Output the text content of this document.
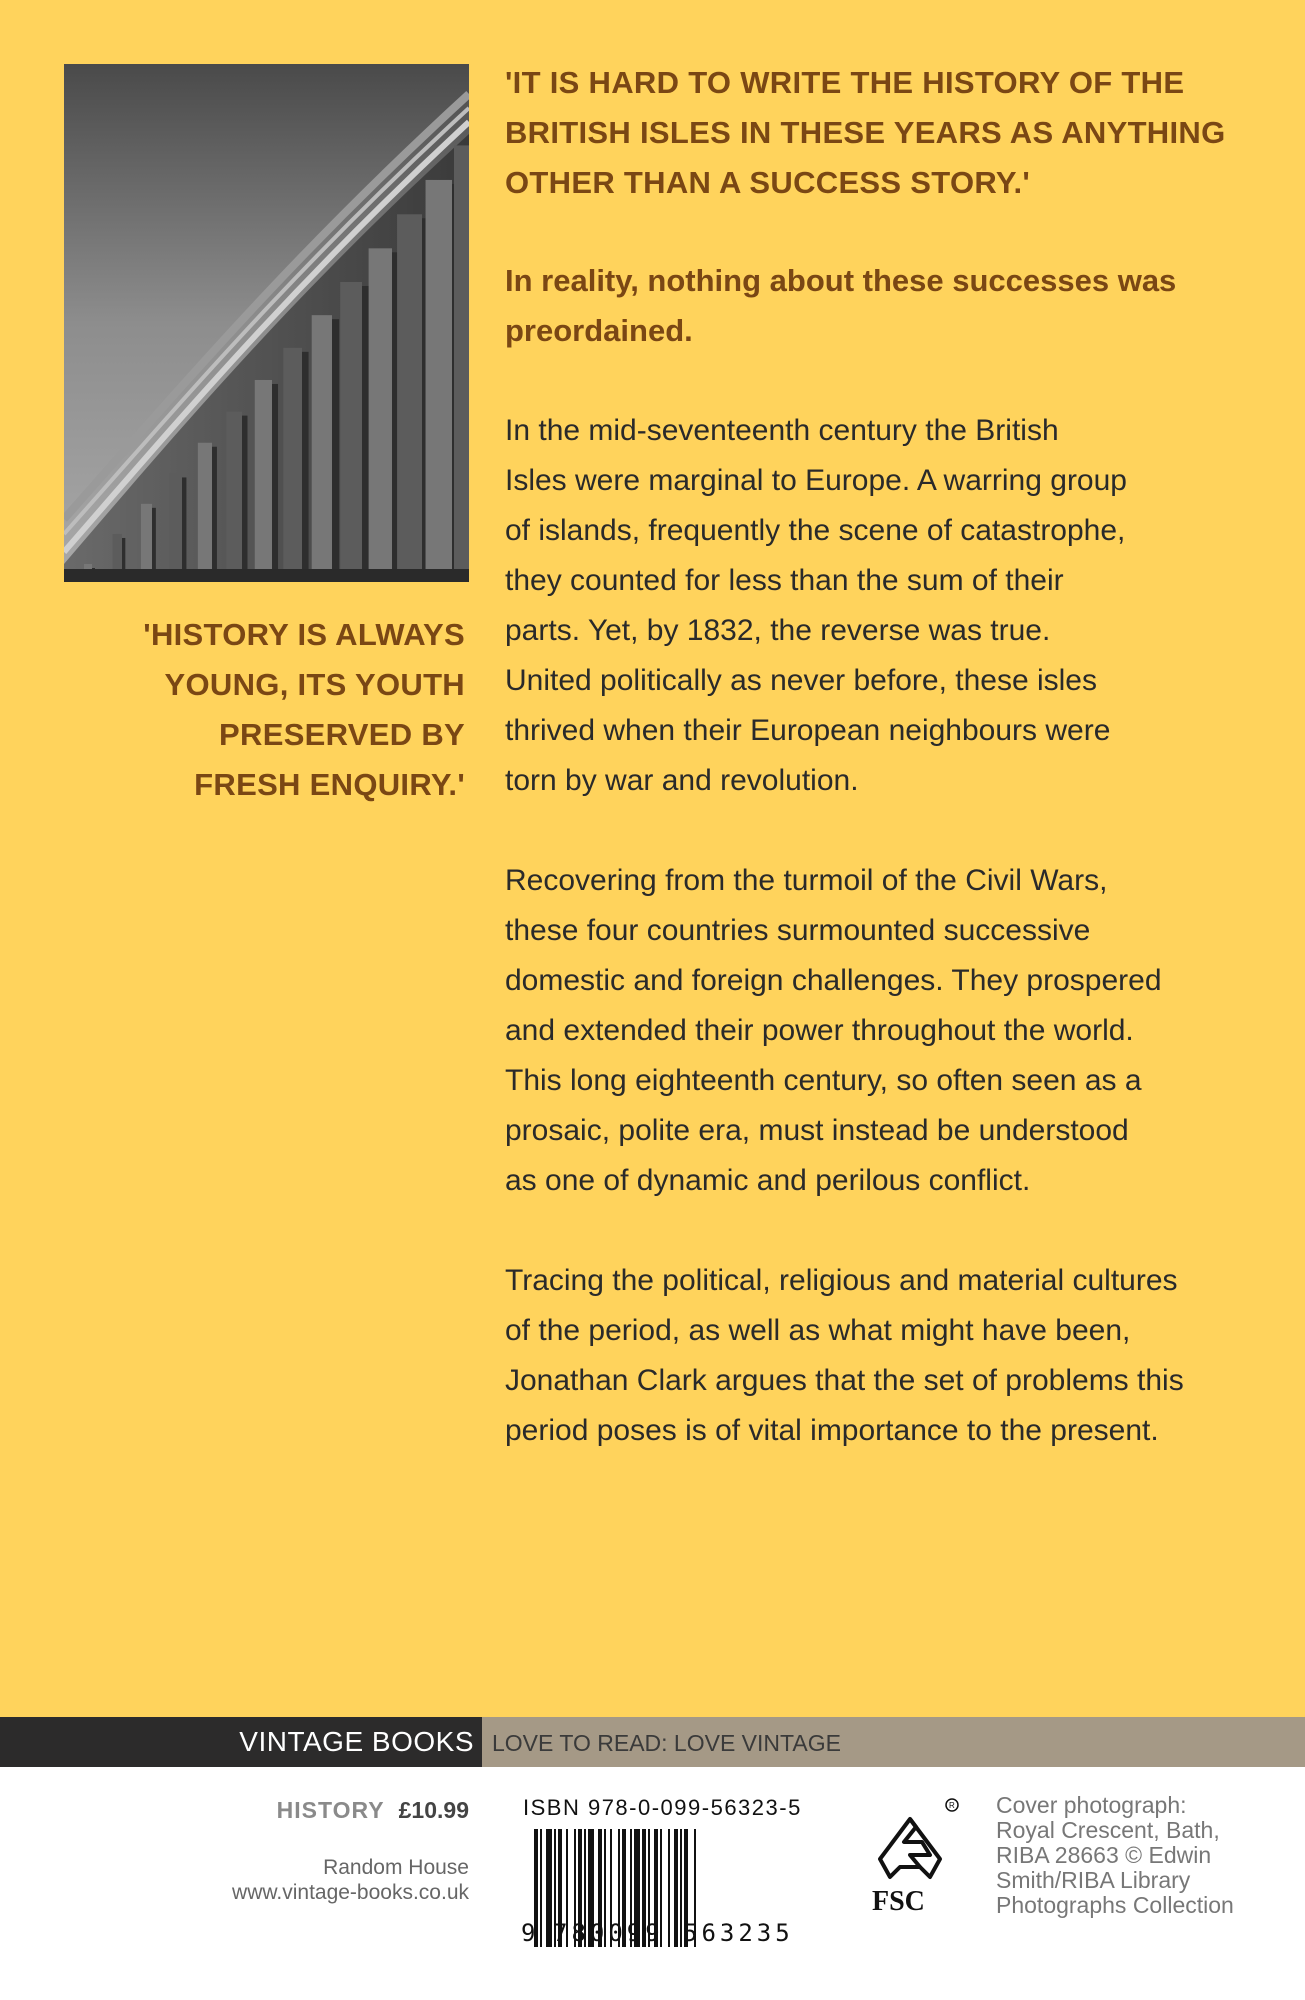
'HISTORY IS ALWAYS
YOUNG, ITS YOUTH
PRESERVED BY
FRESH ENQUIRY.'
'IT IS HARD TO WRITE THE HISTORY OF THE
BRITISH ISLES IN THESE YEARS AS ANYTHING
OTHER THAN A SUCCESS STORY.'
In reality, nothing about these successes was
preordained.

In the mid-seventeenth century the British
Isles were marginal to Europe. A warring group
of islands, frequently the scene of catastrophe,
they counted for less than the sum of their
parts. Yet, by 1832, the reverse was true.
United politically as never before, these isles
thrived when their European neighbours were
torn by war and revolution.

Recovering from the turmoil of the Civil Wars,
these four countries surmounted successive
domestic and foreign challenges. They prospered
and extended their power throughout the world.
This long eighteenth century, so often seen as a
prosaic, polite era, must instead be understood
as one of dynamic and perilous conflict.

Tracing the political, religious and material cultures
of the period, as well as what might have been,
Jonathan Clark argues that the set of problems this
period poses is of vital importance to the present.

VINTAGE BOOKS LOVE TO READ: LOVE VINTAGE
HISTORY £10.99
Random House
www.vintage-books.co.uk
ISBN 978-0-099-56323-5
9 780099 563235
R
FSC
Cover photograph:
Royal Crescent, Bath,
RIBA 28663 © Edwin
Smith/RIBA Library
Photographs Collection
